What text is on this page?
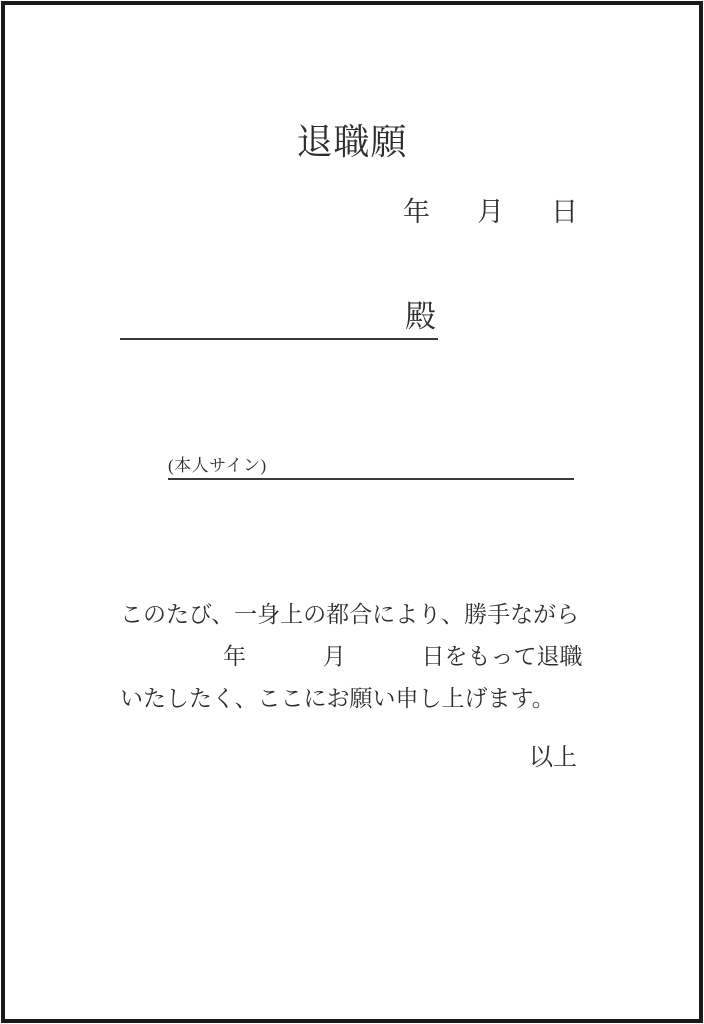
退職願
年 月 日
殿
(本人サイン)
このたび、一身上の都合により、勝手ながら
年	月	日をもって退職
いたしたく、ここにお願い申し上げます。
以上
